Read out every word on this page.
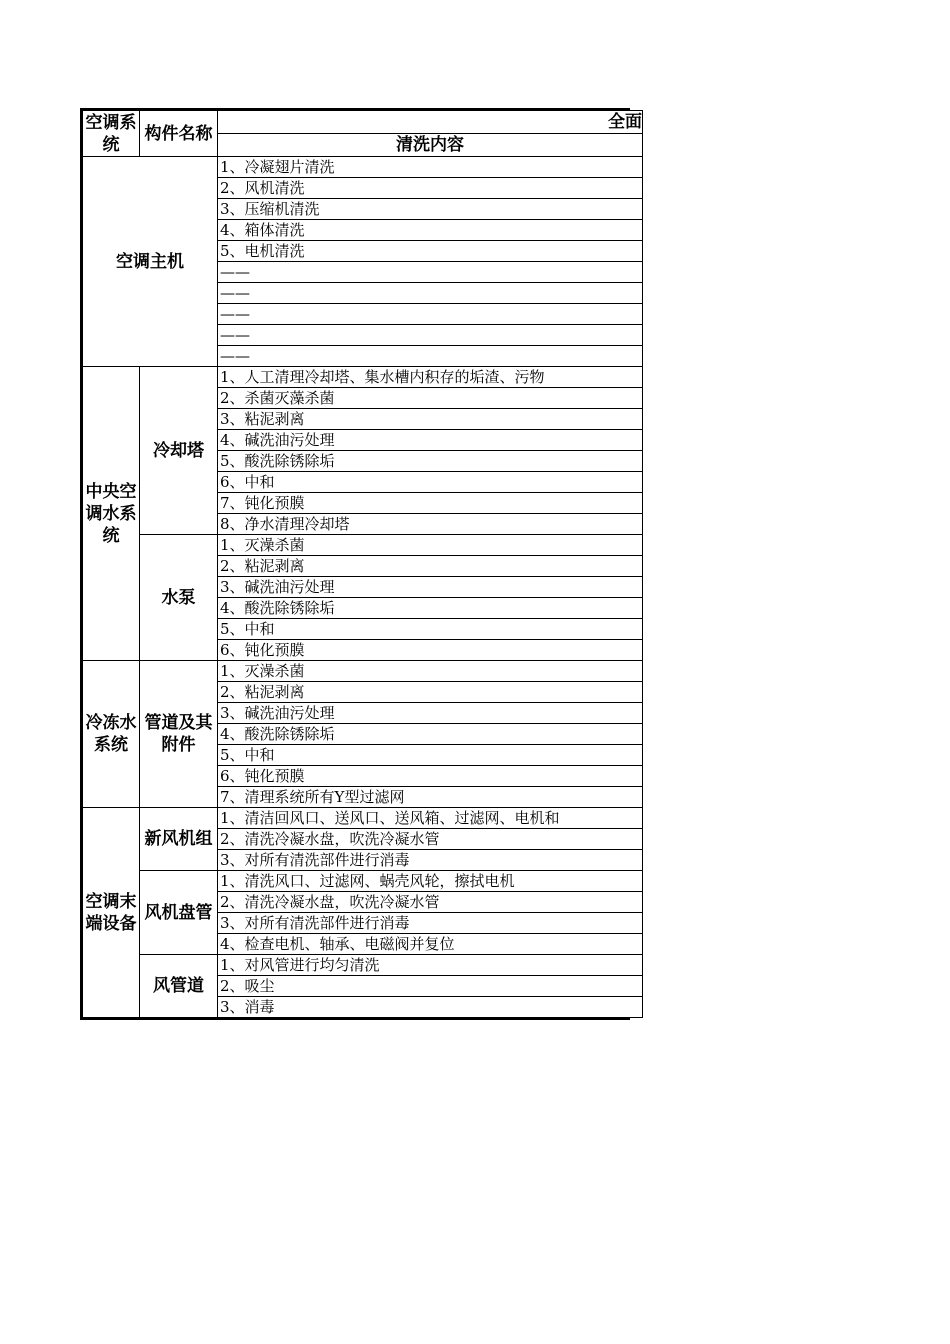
空调系统	构件名称	全面
		清洗内容
空调主机		1、冷凝翅片清洗
		2、风机清洗
		3、压缩机清洗
		4、箱体清洗
		5、电机清洗
		——
		——
		——
		——
		——
中央空调水系统	冷却塔	1、人工清理冷却塔、集水槽内积存的垢渣、污物
		2、杀菌灭藻杀菌
		3、粘泥剥离
		4、碱洗油污处理
		5、酸洗除锈除垢
		6、中和
		7、钝化预膜
		8、净水清理冷却塔
	水泵	1、灭澡杀菌
		2、粘泥剥离
		3、碱洗油污处理
		4、酸洗除锈除垢
		5、中和
		6、钝化预膜
冷冻水系统	管道及其附件	1、灭澡杀菌
		2、粘泥剥离
		3、碱洗油污处理
		4、酸洗除锈除垢
		5、中和
		6、钝化预膜
		7、清理系统所有Y型过滤网
空调末端设备	新风机组	1、清洁回风口、送风口、送风箱、过滤网、电机和
		2、清洗冷凝水盘，吹洗冷凝水管
		3、对所有清洗部件进行消毒
	风机盘管	1、清洗风口、过滤网、蜗壳风轮，擦拭电机
		2、清洗冷凝水盘，吹洗冷凝水管
		3、对所有清洗部件进行消毒
		4、检查电机、轴承、电磁阀并复位
	风管道	1、对风管进行均匀清洗
		2、吸尘
		3、消毒
